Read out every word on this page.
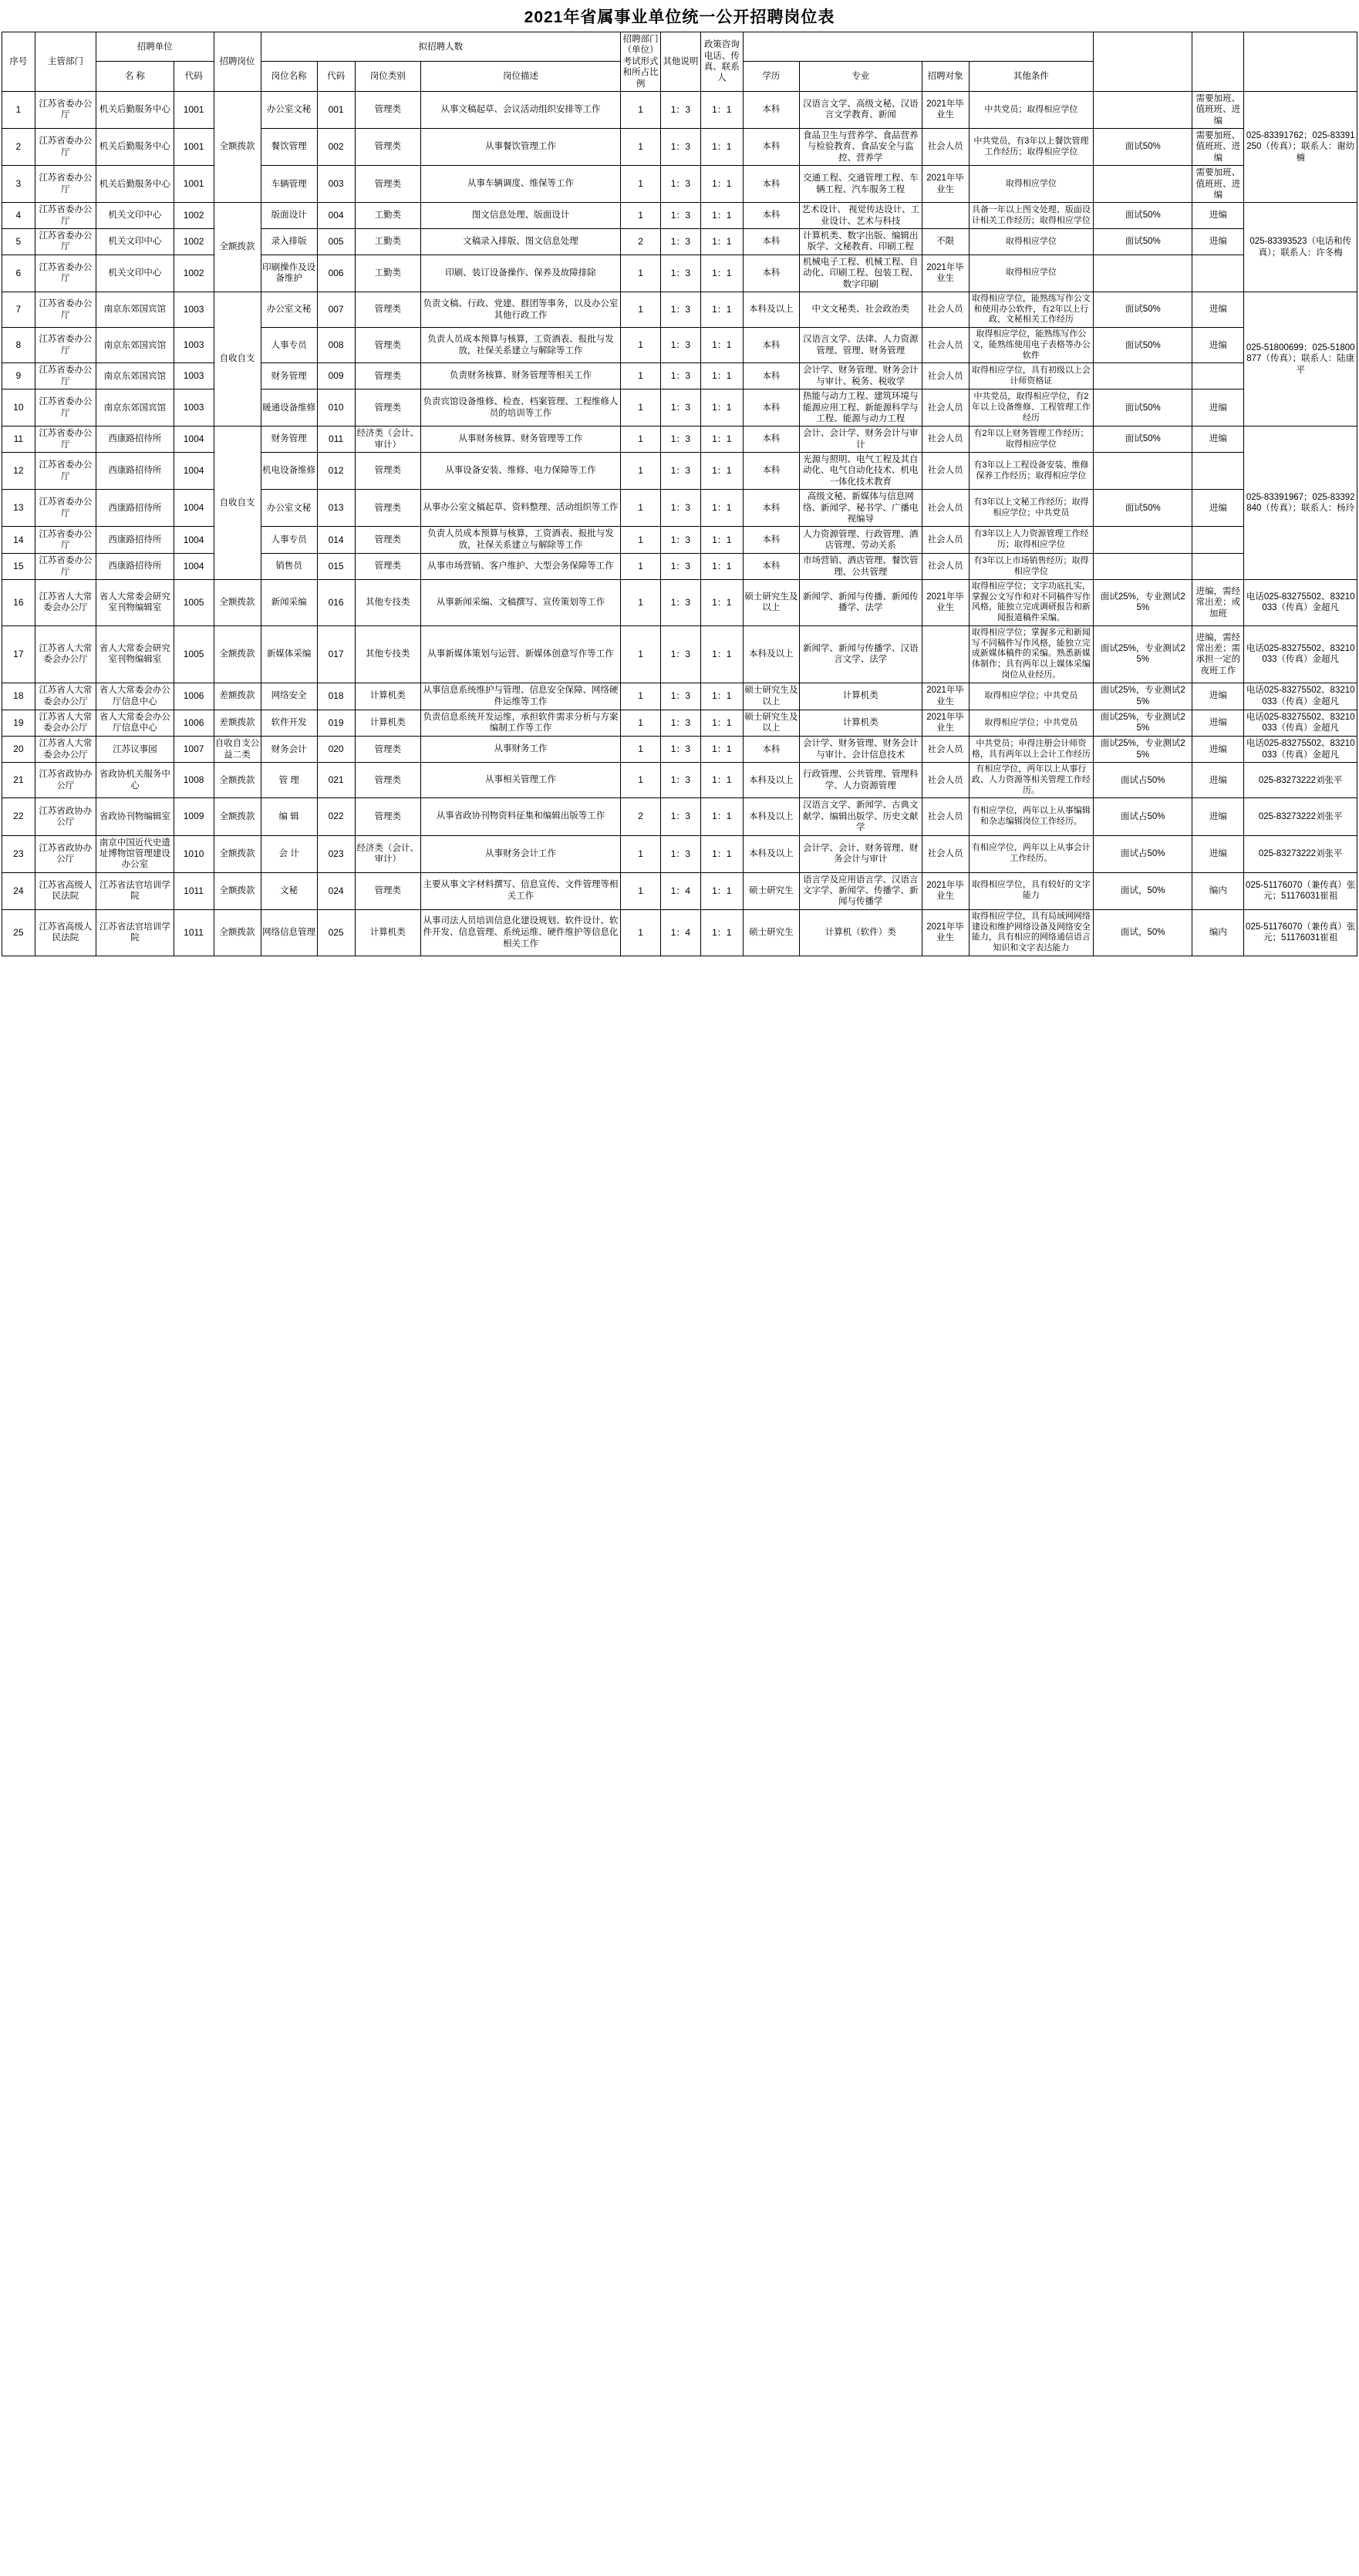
2021年省属事业单位统一公开招聘岗位表
序号	主管部门	招聘单位		招聘岗位	拟招聘人数				招聘部门（单位）考试形式和所占比例	其他说明	政策咨询电话、传真、联系人							
		名 称	代码		岗位名称	代码	岗位类别	岗位描述				学历	专业	招聘对象	其他条件			
1	江苏省委办公厅	机关后勤服务中心	1001	全额拨款	办公室文秘	001	管理类	从事文稿起草、会议活动组织安排等工作	1	1：3	1：1	本科	汉语言文学、高级文秘、汉语言文学教育、新闻	2021年毕业生	中共党员；取得相应学位		需要加班、值班班、进编	025-83391762；025-83391250（传真）；联系人：谢幼楠
2	江苏省委办公厅	机关后勤服务中心	1001		餐饮管理	002	管理类	从事餐饮管理工作	1	1：3	1：1	本科	食品卫生与营养学、食品营养与检验教育、食品安全与监控、营养学	社会人员	中共党员，有3年以上餐饮管理工作经历；取得相应学位	面试50%	需要加班、值班班、进编	
3	江苏省委办公厅	机关后勤服务中心	1001		车辆管理	003	管理类	从事车辆调度、维保等工作	1	1：3	1：1	本科	交通工程、交通管理工程、车辆工程、汽车服务工程	2021年毕业生	取得相应学位		需要加班、值班班、进编	
4	江苏省委办公厅	机关文印中心	1002	全额拨款	版面设计	004	工勤类	图文信息处理、版面设计	1	1：3	1：1	本科	艺术设计、 视觉传达设计、工业设计、艺术与科技		具备一年以上图文处理、版面设计相关工作经历；取得相应学位	面试50%	进编	025-83393523（电话和传真）；联系人：许冬梅
5	江苏省委办公厅	机关文印中心	1002		录入排版	005	工勤类	文稿录入排版、图文信息处理	2	1：3	1：1	本科	计算机类、数字出版、编辑出版学、文秘教育、印刷工程	不限	取得相应学位	面试50%	进编	
6	江苏省委办公厅	机关文印中心	1002		印刷操作及设备维护	006	工勤类	印刷、装订设备操作、保养及故障排除	1	1：3	1：1	本科	机械电子工程、机械工程、自动化、印刷工程、包装工程、数字印刷	2021年毕业生	取得相应学位			
7	江苏省委办公厅	南京东郊国宾馆	1003	自收自支	办公室文秘	007	管理类	负责文稿、行政、党建、群团等事务，以及办公室其他行政工作	1	1：3	1：1	本科及以上	中文文秘类、社会政治类	社会人员	取得相应学位，能熟练写作公文和使用办公软件，有2年以上行政、文秘相关工作经历	面试50%	进编	025-51800699；025-51800877（传真）；联系人：陆康平
8	江苏省委办公厅	南京东郊国宾馆	1003		人事专员	008	管理类	负责人员成本预算与核算，工资酒表、报批与发放，社保关系建立与解除等工作	1	1：3	1：1	本科	汉语言文学、法律、人力资源管理、管理、财务管理	社会人员	取得相应学位，能熟练写作公文，能熟练使用电子表格等办公软件	面试50%	进编	
9	江苏省委办公厅	南京东郊国宾馆	1003		财务管理	009	管理类	负责财务核算、财务管理等相关工作	1	1：3	1：1	本科	会计学、财务管理、财务会计与审计、税务、税收学	社会人员	取得相应学位，具有初级以上会计师资格证			
10	江苏省委办公厅	南京东郊国宾馆	1003		暖通设备维修	010	管理类	负责宾馆设备维修、检查、档案管理、工程维修人员的培训等工作	1	1：3	1：1	本科	热能与动力工程、建筑环境与能源应用工程、新能源科学与工程、能源与动力工程	社会人员	中共党员，取得相应学位，有2年以上设备维修、工程管理工作经历	面试50%	进编	
11	江苏省委办公厅	西康路招待所	1004	自收自支	财务管理	011	经济类（会计、审计）	从事财务核算、财务管理等工作	1	1：3	1：1	本科	会计、会计学、财务会计与审计	社会人员	有2年以上财务管理工作经历；取得相应学位	面试50%	进编	025-83391967；025-83392840（传真）；联系人：杨玲
12	江苏省委办公厅	西康路招待所	1004		机电设备维修	012	管理类	从事设备安装、维修、电力保障等工作	1	1：3	1：1	本科	光源与照明、电气工程及其自动化、电气自动化技术、机电一体化技术教育	社会人员	有3年以上工程设备安装、维修保养工作经历；取得相应学位			
13	江苏省委办公厅	西康路招待所	1004		办公室文秘	013	管理类	从事办公室文稿起草、资料整理、活动组织等工作	1	1：3	1：1	本科	高级文秘、新媒体与信息网络、新闻学、秘书学、广播电视编导	社会人员	有3年以上文秘工作经历；取得相应学位；中共党员	面试50%	进编	
14	江苏省委办公厅	西康路招待所	1004		人事专员	014	管理类	负责人员成本预算与核算，工资酒表、报批与发放，社保关系建立与解除等工作	1	1：3	1：1	本科	人力资源管理、行政管理、酒店管理、劳动关系	社会人员	有3年以上人力资源管理工作经历；取得相应学位			
15	江苏省委办公厅	西康路招待所	1004		销售员	015	管理类	从事市场营销、客户维护、大型会务保障等工作	1	1：3	1：1	本科	市场营销、酒店管理、餐饮管理、公共管理	社会人员	有3年以上市场销售经历；取得相应学位			
16	江苏省人大常委会办公厅	省人大常委会研究室刊物编辑室	1005	全额拨款	新闻采编	016	其他专技类	从事新闻采编、文稿撰写、宣传策划等工作	1	1：3	1：1	硕士研究生及以上	新闻学、新闻与传播、新闻传播学、法学	2021年毕业生	取得相应学位；文字功底扎实，掌握公文写作和对不同稿件写作风格，能独立完成调研报告和新闻报道稿件采编。	面试25%，专业测试25%	进编，需经常出差；或加班	电话025-83275502、83210033（传真）金超凡
17	江苏省人大常委会办公厅	省人大常委会研究室刊物编辑室	1005	全额拨款	新媒体采编	017	其他专技类	从事新媒体策划与运营、新媒体创意写作等工作	1	1：3	1：1	本科及以上	新闻学、新闻与传播学、汉语言文学、法学		取得相应学位；掌握多元和新闻写不同稿件写作风格，能独立完成新媒体稿件的采编。熟悉新媒体制作；具有两年以上媒体采编岗位从业经历。	面试25%，专业测试25%	进编，需经常出差；需承担一定的夜班工作	电话025-83275502、83210033（传真）金超凡
18	江苏省人大常委会办公厅	省人大常委会办公厅信息中心	1006	差额拨款	网络安全	018	计算机类	从事信息系统维护与管理、信息安全保障、网络硬件运维等工作	1	1：3	1：1	硕士研究生及以上	计算机类	2021年毕业生	取得相应学位；中共党员	面试25%，专业测试25%	进编	电话025-83275502、83210033（传真）金超凡
19	江苏省人大常委会办公厅	省人大常委会办公厅信息中心	1006	差额拨款	软件开发	019	计算机类	负责信息系统开发运维，承担软件需求分析与方案编制工作等工作	1	1：3	1：1	硕士研究生及以上	计算机类	2021年毕业生	取得相应学位；中共党员	面试25%，专业测试25%	进编	电话025-83275502、83210033（传真）金超凡
20	江苏省人大常委会办公厅	江苏议事园	1007	自收自支公益二类	财务会计	020	管理类	从事财务工作	1	1：3	1：1	本科	会计学、财务管理、财务会计与审计、会计信息技术	社会人员	中共党员；申得注册会计师资格，具有两年以上会计工作经历	面试25%，专业测试25%	进编	电话025-83275502、83210033（传真）金超凡
21	江苏省政协办公厅	省政协机关服务中心	1008	全额拨款	管 理	021	管理类	从事相关管理工作	1	1：3	1：1	本科及以上	行政管理、公共管理、管理科学、人力资源管理	社会人员	有相应学位，两年以上从事行政、人力资源等相关管理工作经历。	面试占50%	进编	025-83273222刘张平
22	江苏省政协办公厅	省政协刊物编辑室	1009	全额拨款	编 辑	022	管理类	从事省政协刊物资料征集和编辑出版等工作	2	1：3	1：1	本科及以上	汉语言文学、新闻学、古典文献学、编辑出版学、历史文献学	社会人员	有相应学位，两年以上从事编辑和杂志编辑岗位工作经历。	面试占50%	进编	025-83273222刘张平
23	江苏省政协办公厅	南京中国近代史遗址博物馆管理建设办公室	1010	全额拨款	会 计	023	经济类（会计、审计）	从事财务会计工作	1	1：3	1：1	本科及以上	会计学、会计、财务管理、财务会计与审计	社会人员	有相应学位，两年以上从事会计工作经历。	面试占50%	进编	025-83273222刘张平
24	江苏省高级人民法院	江苏省法官培训学院	1011	全额拨款	文秘	024	管理类	主要从事文字材料撰写、信息宣传、文件管理等相关工作	1	1：4	1：1	硕士研究生	语言学及应用语言学、汉语言文字学、新闻学、传播学、新闻与传播学	2021年毕业生	取得相应学位，具有较好的文字能力	面试，50%	编内	025-51176070（兼传真）张元；51176031崔祖
25	江苏省高级人民法院	江苏省法官培训学院	1011	全额拨款	网络信息管理	025	计算机类	从事司法人员培训信息化建设规划、软件设计、软件开发、信息管理、系统运维、硬件维护等信息化相关工作	1	1：4	1：1	硕士研究生	计算机（软件）类	2021年毕业生	取得相应学位，具有局域网网络建设和维护网络设备及网络安全能力，具有相应的网络通信语言知识和文字表达能力	面试，50%	编内	025-51176070（兼传真）张元；51176031崔祖
